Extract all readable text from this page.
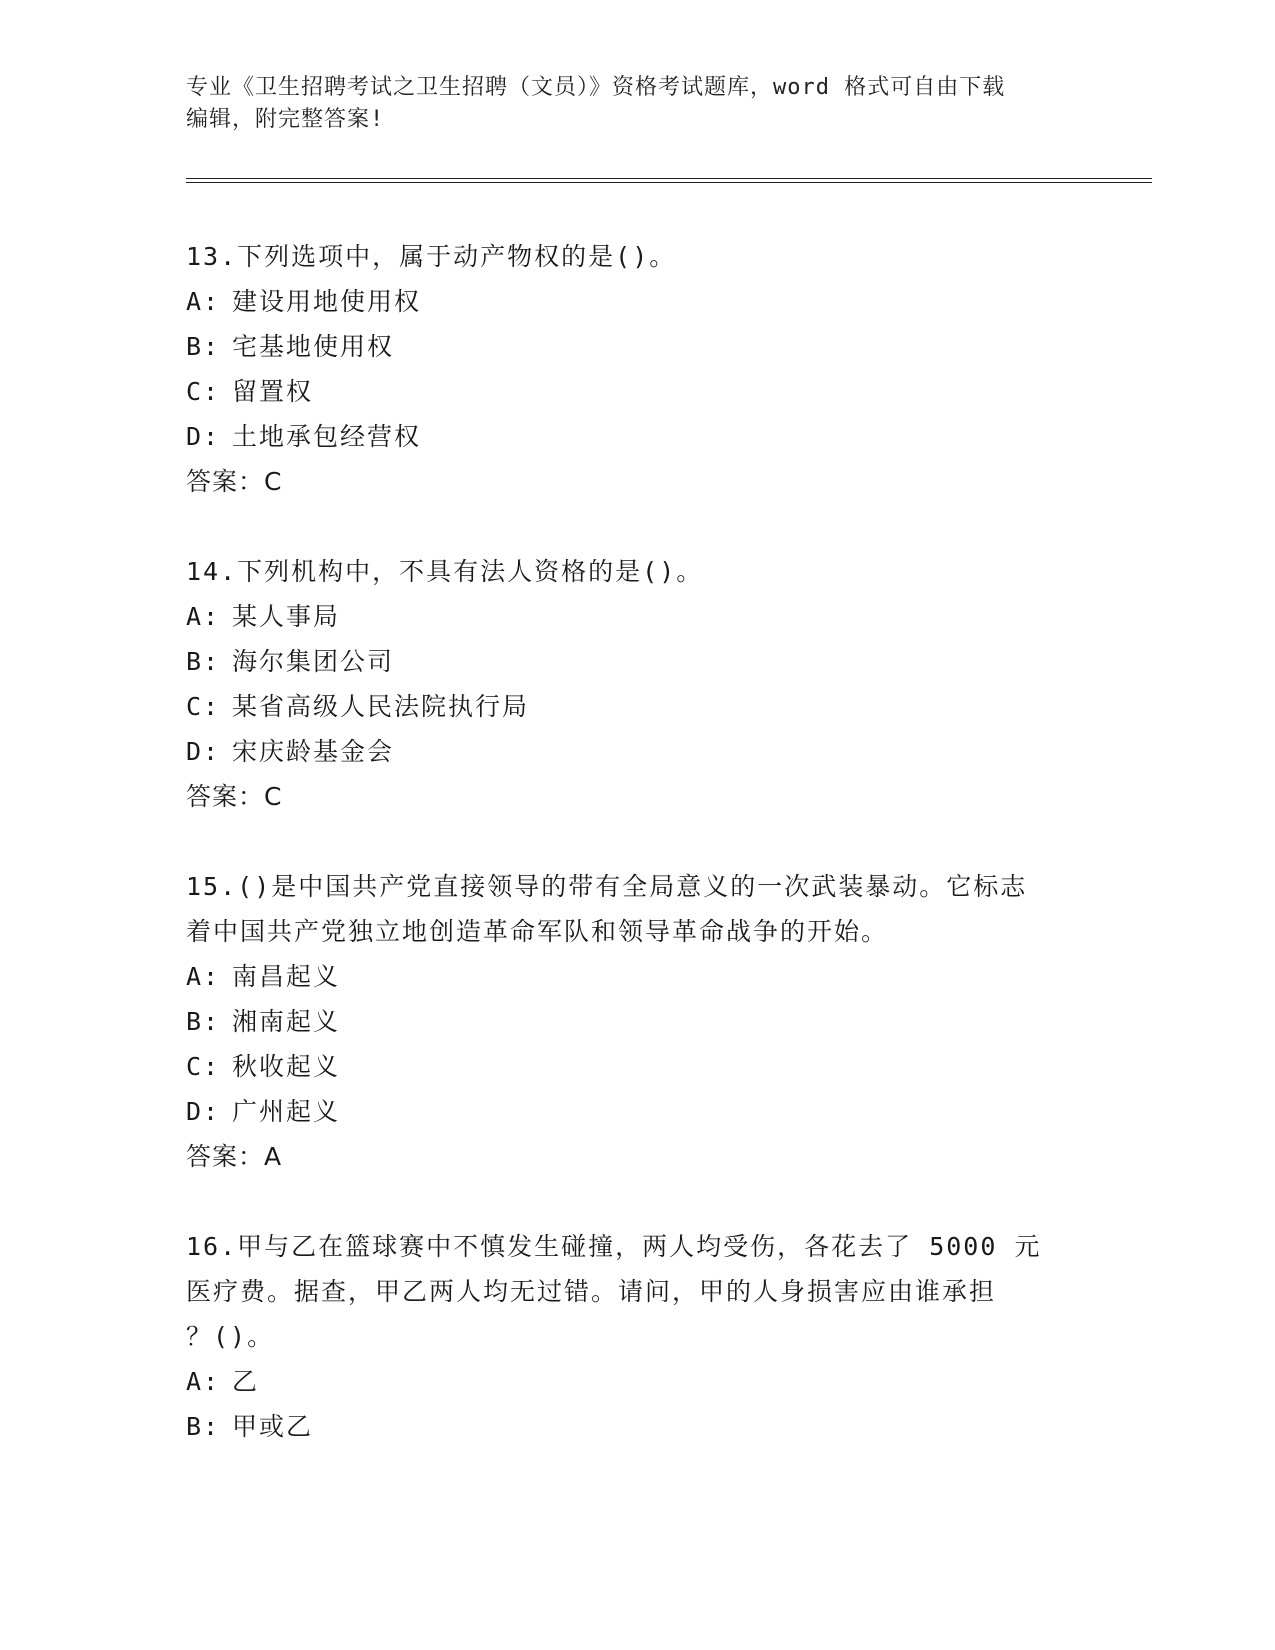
专业《卫生招聘考试之卫生招聘（文员）》资格考试题库，word 格式可自由下载
编辑，附完整答案!
13.下列选项中，属于动产物权的是()。
A: 建设用地使用权
B: 宅基地使用权
C: 留置权
D: 土地承包经营权
答案：C
14.下列机构中，不具有法人资格的是()。
A: 某人事局
B: 海尔集团公司
C: 某省高级人民法院执行局
D: 宋庆龄基金会
答案：C
15.()是中国共产党直接领导的带有全局意义的一次武装暴动。它标志
着中国共产党独立地创造革命军队和领导革命战争的开始。
A: 南昌起义
B: 湘南起义
C: 秋收起义
D: 广州起义
答案：A
16.甲与乙在篮球赛中不慎发生碰撞，两人均受伤，各花去了 5000 元
医疗费。据查，甲乙两人均无过错。请问，甲的人身损害应由谁承担
？()。
A: 乙
B: 甲或乙
